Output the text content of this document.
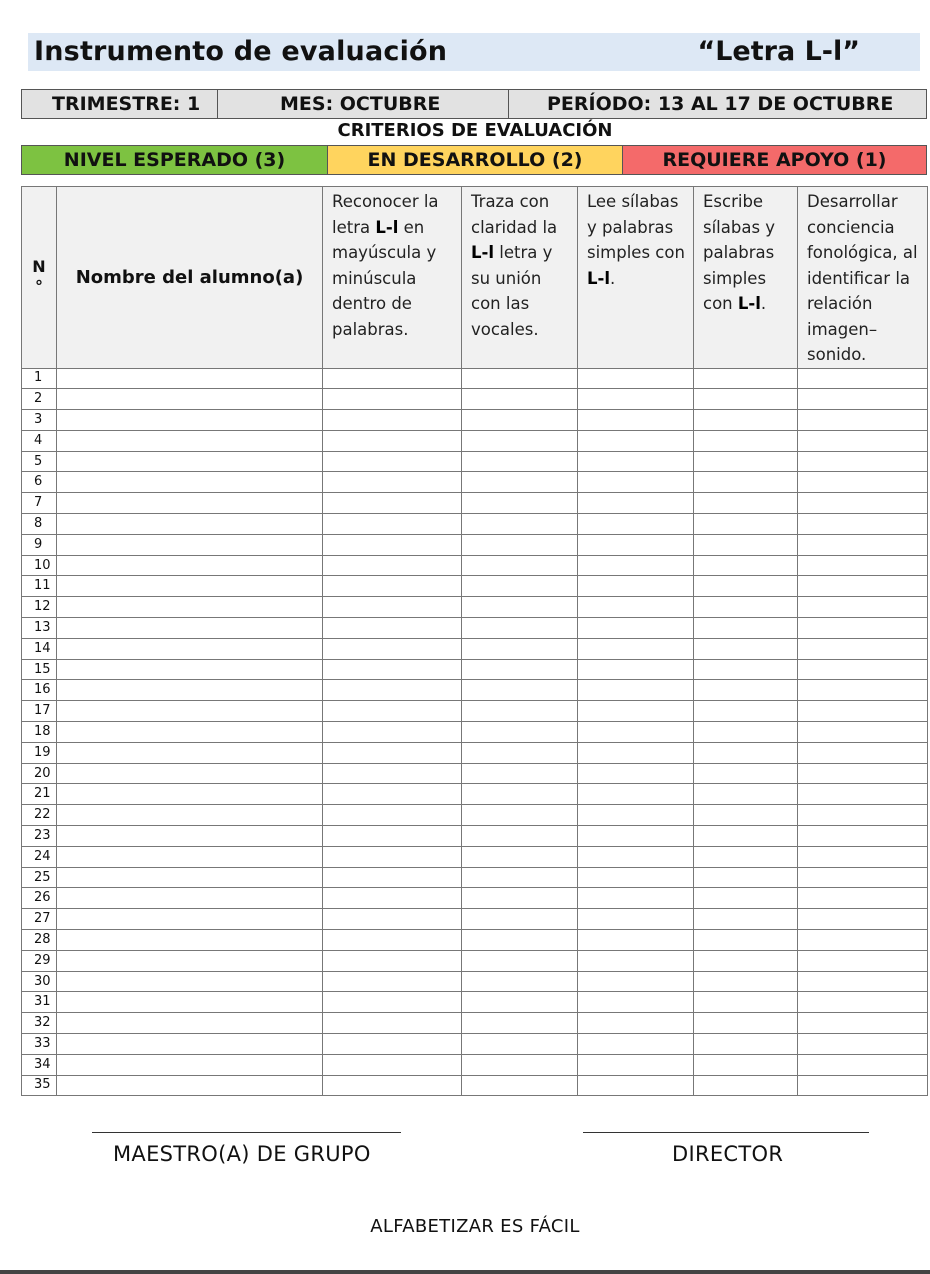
Instrumento de evaluación	“Letra L-l”
TRIMESTRE: 1	MES: OCTUBRE	PERÍODO: 13 AL 17 DE OCTUBRE
CRITERIOS DE EVALUACIÓN
NIVEL ESPERADO (3)	EN DESARROLLO (2)	REQUIERE APOYO (1)
N
°	Nombre del alumno(a)	Reconocer la letra L-l en mayúscula y minúscula dentro de palabras.	Traza con claridad la L-l letra y su unión con las vocales.	Lee sílabas y palabras simples con L-l.	Escribe sílabas y palabras simples con L-l.	Desarrollar conciencia fonológica, al identificar la relación imagen–sonido.
1						
2						
3						
4						
5						
6						
7						
8						
9						
10						
11						
12						
13						
14						
15						
16						
17						
18						
19						
20						
21						
22						
23						
24						
25						
26						
27						
28						
29						
30						
31						
32						
33						
34						
35						
MAESTRO(A) DE GRUPO	DIRECTOR
ALFABETIZAR ES FÁCIL
